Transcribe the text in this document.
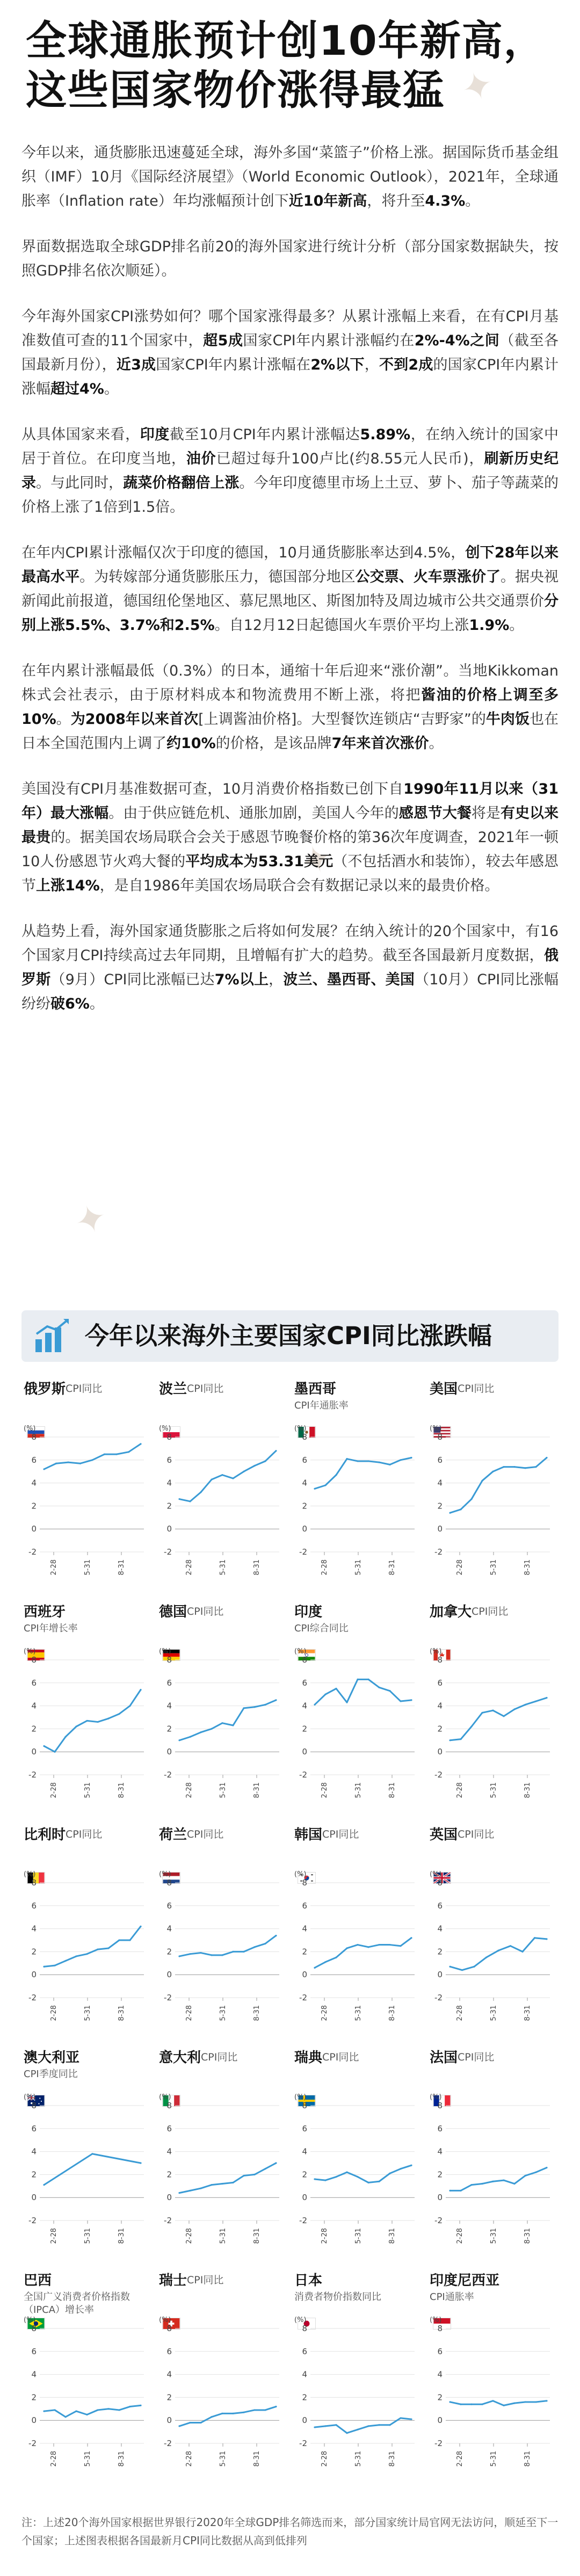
✦
✦
✦
全球通胀预计创10年新高，
这些国家物价涨得最猛

今年以来，通货膨胀迅速蔓延全球，海外多国“菜篮子”价格上涨。据国际货币基金组织（IMF）10月《国际经济展望》（World Economic Outlook），2021年，全球通胀率（Inflation rate）年均涨幅预计创下近10年新高，将升至4.3%。

界面数据选取全球GDP排名前20的海外国家进行统计分析（部分国家数据缺失，按照GDP排名依次顺延）。

今年海外国家CPI涨势如何？哪个国家涨得最多？从累计涨幅上来看，在有CPI月基准数值可查的11个国家中，超5成国家CPI年内累计涨幅约在2%-4%之间（截至各国最新月份），近3成国家CPI年内累计涨幅在2%以下，不到2成的国家CPI年内累计涨幅超过4%。

从具体国家来看，印度截至10月CPI年内累计涨幅达5.89%，在纳入统计的国家中居于首位。在印度当地，油价已超过每升100卢比(约8.55元人民币)，刷新历史纪录。与此同时，蔬菜价格翻倍上涨。今年印度德里市场上土豆、萝卜、茄子等蔬菜的价格上涨了1倍到1.5倍。

在年内CPI累计涨幅仅次于印度的德国，10月通货膨胀率达到4.5%，创下28年以来最高水平。为转嫁部分通货膨胀压力，德国部分地区公交票、火车票涨价了。据央视新闻此前报道，德国纽伦堡地区、慕尼黑地区、斯图加特及周边城市公共交通票价分别上涨5.5%、3.7%和2.5%。自12月12日起德国火车票价平均上涨1.9%。

在年内累计涨幅最低（0.3%）的日本，通缩十年后迎来“涨价潮”。当地Kikkoman株式会社表示，由于原材料成本和物流费用不断上涨，将把酱油的价格上调至多10%。为2008年以来首次[上调酱油价格]。大型餐饮连锁店“吉野家”的牛肉饭也在日本全国范围内上调了约10%的价格，是该品牌7年来首次涨价。

美国没有CPI月基准数据可查，10月消费价格指数已创下自1990年11月以来（31年）最大涨幅。由于供应链危机、通胀加剧，美国人今年的感恩节大餐将是有史以来最贵的。据美国农场局联合会关于感恩节晚餐价格的第36次年度调查，2021年一顿10人份感恩节火鸡大餐的平均成本为53.31美元（不包括酒水和装饰），较去年感恩节上涨14%，是自1986年美国农场局联合会有数据记录以来的最贵价格。

从趋势上看，海外国家通货膨胀之后将如何发展？在纳入统计的20个国家中，有16个国家月CPI持续高过去年同期，且增幅有扩大的趋势。截至各国最新月度数据，俄罗斯（9月）CPI同比涨幅已达7%以上，波兰、墨西哥、美国（10月）CPI同比涨幅纷纷破6%。

今年以来海外主要国家CPI同比涨跌幅
俄罗斯
CPI同比
(%)
8
6
4
2
0
-2
2-28	5-31	8-31
波兰
CPI同比
(%)
8
6
4
2
0
-2
2-28	5-31	8-31
墨西哥
CPI年通胀率
(%)
8
6
4
2
0
-2
2-28	5-31	8-31
美国
CPI同比
(%)
8
6
4
2
0
-2
2-28	5-31	8-31
西班牙
CPI年增长率
(%)
8
6
4
2
0
-2
2-28	5-31	8-31
德国
CPI同比
(%)
8
6
4
2
0
-2
2-28	5-31	8-31
印度
CPI综合同比
(%)
8
6
4
2
0
-2
2-28	5-31	8-31
加拿大
CPI同比
(%)
8
6
4
2
0
-2
2-28	5-31	8-31
比利时
CPI同比
(%)
8
6
4
2
0
-2
2-28	5-31	8-31
荷兰
CPI同比
(%)
8
6
4
2
0
-2
2-28	5-31	8-31
韩国
CPI同比
(%)
8
6
4
2
0
-2
2-28	5-31	8-31
英国
CPI同比
(%)
8
6
4
2
0
-2
2-28	5-31	8-31
澳大利亚
CPI季度同比
(%)
8
6
4
2
0
-2
2-28	5-31	8-31
意大利
CPI同比
(%)
8
6
4
2
0
-2
2-28	5-31	8-31
瑞典
CPI同比
(%)
8
6
4
2
0
-2
2-28	5-31	8-31
法国
CPI同比
(%)
8
6
4
2
0
-2
2-28	5-31	8-31
巴西
全国广义消费者价格指数（IPCA）增长率
(%)
8
6
4
2
0
-2
2-28	5-31	8-31
瑞士
CPI同比
(%)
8
6
4
2
0
-2
2-28	5-31	8-31
日本
消费者物价指数同比
(%)
8
6
4
2
0
-2
2-28	5-31	8-31
印度尼西亚
CPI通胀率
(%)
8
6
4
2
0
-2
2-28	5-31	8-31
注：上述20个海外国家根据世界银行2020年全球GDP排名筛选而来，部分国家统计局官网无法访问，顺延至下一个国家；上述图表根据各国最新月CPI同比数据从高到低排列
